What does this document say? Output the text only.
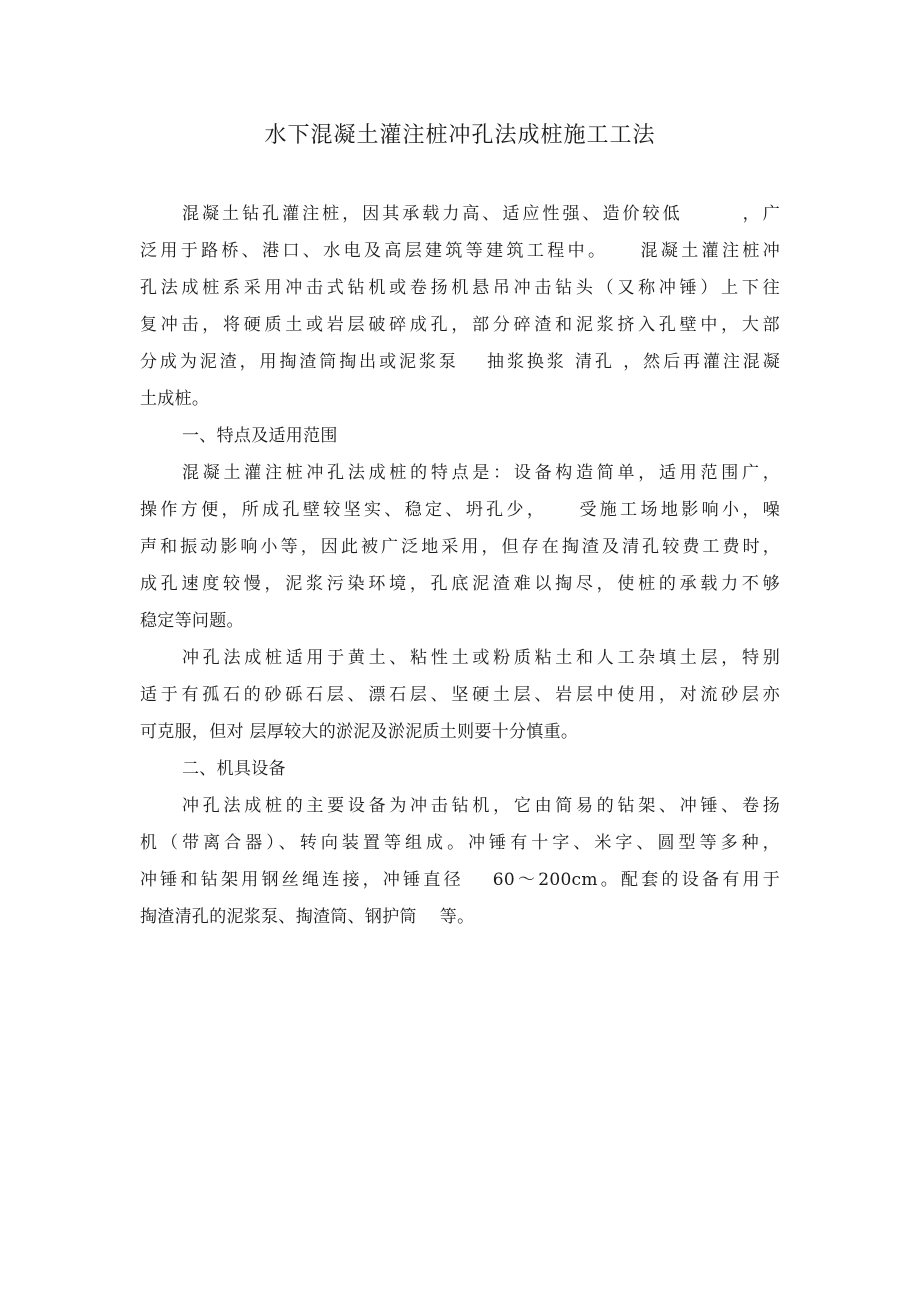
水下混凝土灌注桩冲孔法成桩施工工法
混凝土钻孔灌注桩，因其承载力高、适应性强、造价较低　　　，广
泛用于路桥、港口、水电及高层建筑等建筑工程中。　　混凝土灌注桩冲
孔法成桩系采用冲击式钻机或卷扬机悬吊冲击钻头（又称冲锤）上下往
复冲击，将硬质土或岩层破碎成孔，部分碎渣和泥浆挤入孔壁中，大部
分成为泥渣，用掏渣筒掏出或泥浆泵　 抽浆换浆 清孔 ，然后再灌注混凝
土成桩。
一、特点及适用范围
混凝土灌注桩冲孔法成桩的特点是：设备构造简单，适用范围广，
操作方便，所成孔壁较坚实、稳定、坍孔少，　　受施工场地影响小，噪
声和振动影响小等，因此被广泛地采用，但存在掏渣及清孔较费工费时，
成孔速度较慢，泥浆污染环境，孔底泥渣难以掏尽，使桩的承载力不够
稳定等问题。
冲孔法成桩适用于黄土、粘性土或粉质粘土和人工杂填土层，特别
适于有孤石的砂砾石层、漂石层、坚硬土层、岩层中使用，对流砂层亦
可克服，但对 层厚较大的淤泥及淤泥质土则要十分慎重。
二、机具设备
冲孔法成桩的主要设备为冲击钻机，它由简易的钻架、冲锤、卷扬
机（带离合器）、转向装置等组成。冲锤有十字、米字、圆型等多种，
冲锤和钻架用钢丝绳连接，冲锤直径　 60～200cm。配套的设备有用于
掏渣清孔的泥浆泵、掏渣筒、钢护筒　 等。
